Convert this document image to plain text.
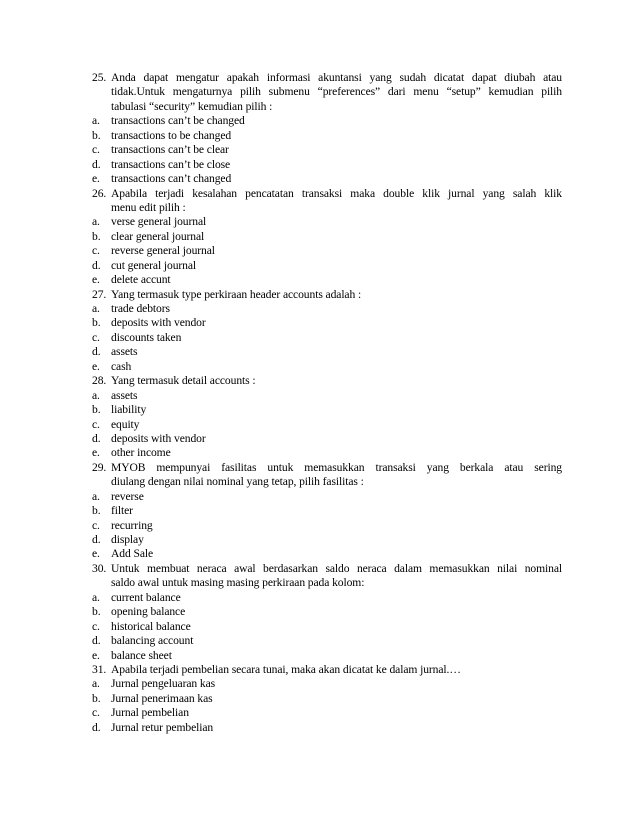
25. Anda dapat mengatur apakah informasi akuntansi yang sudah dicatat dapat diubah atau
tidak.Untuk mengaturnya pilih submenu “preferences” dari menu “setup” kemudian pilih
tabulasi “security” kemudian pilih :
a. transactions can’t be changed
b. transactions to be changed
c. transactions can’t be clear
d. transactions can’t be close
e. transactions can’t changed
26. Apabila terjadi kesalahan pencatatan transaksi maka double klik jurnal yang salah klik
menu edit pilih :
a. verse general journal
b. clear general journal
c. reverse general journal
d. cut general journal
e. delete accunt
27. Yang termasuk type perkiraan header accounts adalah :
a. trade debtors
b. deposits with vendor
c. discounts taken
d. assets
e. cash
28. Yang termasuk detail accounts :
a. assets
b. liability
c. equity
d. deposits with vendor
e. other income
29. MYOB mempunyai fasilitas untuk memasukkan transaksi yang berkala atau sering
diulang dengan nilai nominal yang tetap, pilih fasilitas :
a. reverse
b. filter
c. recurring
d. display
e. Add Sale
30. Untuk membuat neraca awal berdasarkan saldo neraca dalam memasukkan nilai nominal
saldo awal untuk masing masing perkiraan pada kolom:
a. current balance
b. opening balance
c. historical balance
d. balancing account
e. balance sheet
31. Apabila terjadi pembelian secara tunai, maka akan dicatat ke dalam jurnal.…
a. Jurnal pengeluaran kas
b. Jurnal penerimaan kas
c. Jurnal pembelian
d. Jurnal retur pembelian
